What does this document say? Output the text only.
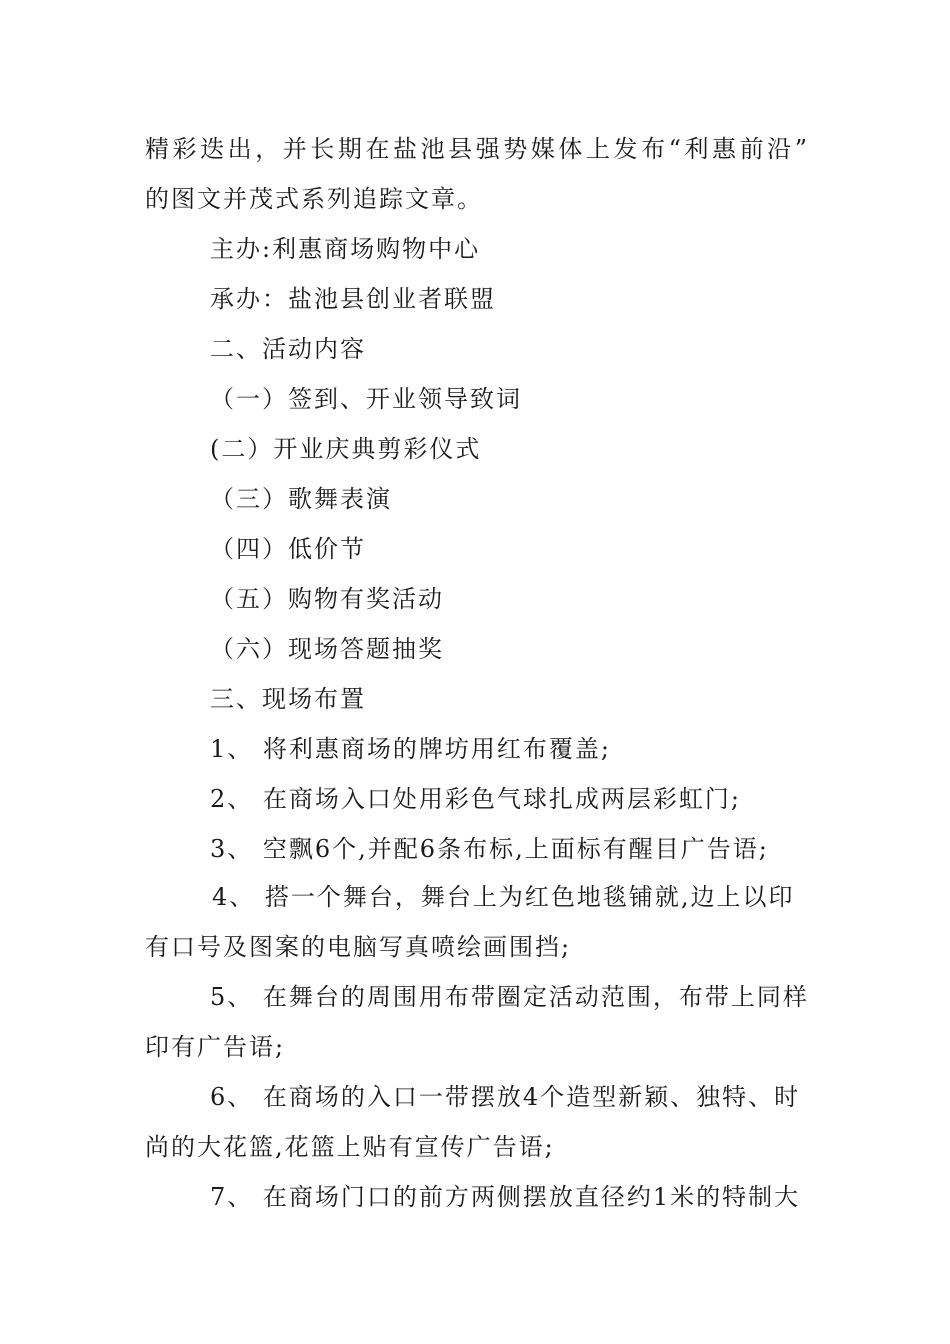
精彩迭出，并长期在盐池县强势媒体上发布“利惠前沿”
的图文并茂式系列追踪文章。
主办:利惠商场购物中心
承办：盐池县创业者联盟
二、活动内容
（一）签到、开业领导致词
(二）开业庆典剪彩仪式
（三）歌舞表演
（四）低价节
（五）购物有奖活动
（六）现场答题抽奖
三、现场布置
1、 将利惠商场的牌坊用红布覆盖;
2、 在商场入口处用彩色气球扎成两层彩虹门;
3、 空飘6个,并配6条布标,上面标有醒目广告语;
4、 搭一个舞台，舞台上为红色地毯铺就,边上以印
有口号及图案的电脑写真喷绘画围挡;
5、 在舞台的周围用布带圈定活动范围，布带上同样
印有广告语;
6、 在商场的入口一带摆放4个造型新颖、独特、时
尚的大花篮,花篮上贴有宣传广告语;
7、 在商场门口的前方两侧摆放直径约1米的特制大
